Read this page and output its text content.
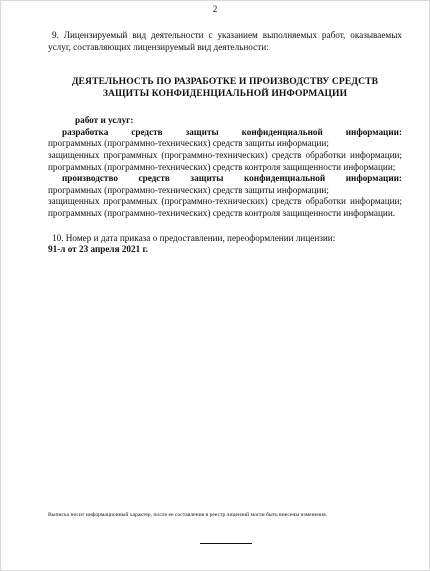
2

9. Лицензируемый вид деятельности с указанием выполняемых работ, оказываемых услуг, составляющих лицензируемый вид деятельности:

ДЕЯТЕЛЬНОСТЬ ПО РАЗРАБОТКЕ И ПРОИЗВОДСТВУ СРЕДСТВ ЗАЩИТЫ КОНФИДЕНЦИАЛЬНОЙ ИНФОРМАЦИИ
работ и услуг:
разработка средств защиты конфиденциальной информации:

программных (программно-технических) средств защиты информации;

защищенных программных (программно-технических) средств обработки информации; программных (программно-технических) средств контроля защищенности информации;

производство средств защиты конфиденциальной информации:

программных (программно-технических) средств защиты информации;

защищенных программных (программно-технических) средств обработки информации; программных (программно-технических) средств контроля защищенности информации.

10. Номер и дата приказа о предоставлении, переоформлении лицензии:

91-л от 23 апреля 2021 г.

Выписка носит информационный характер, после ее составления в реестр лицензий могли быть внесены изменения.
